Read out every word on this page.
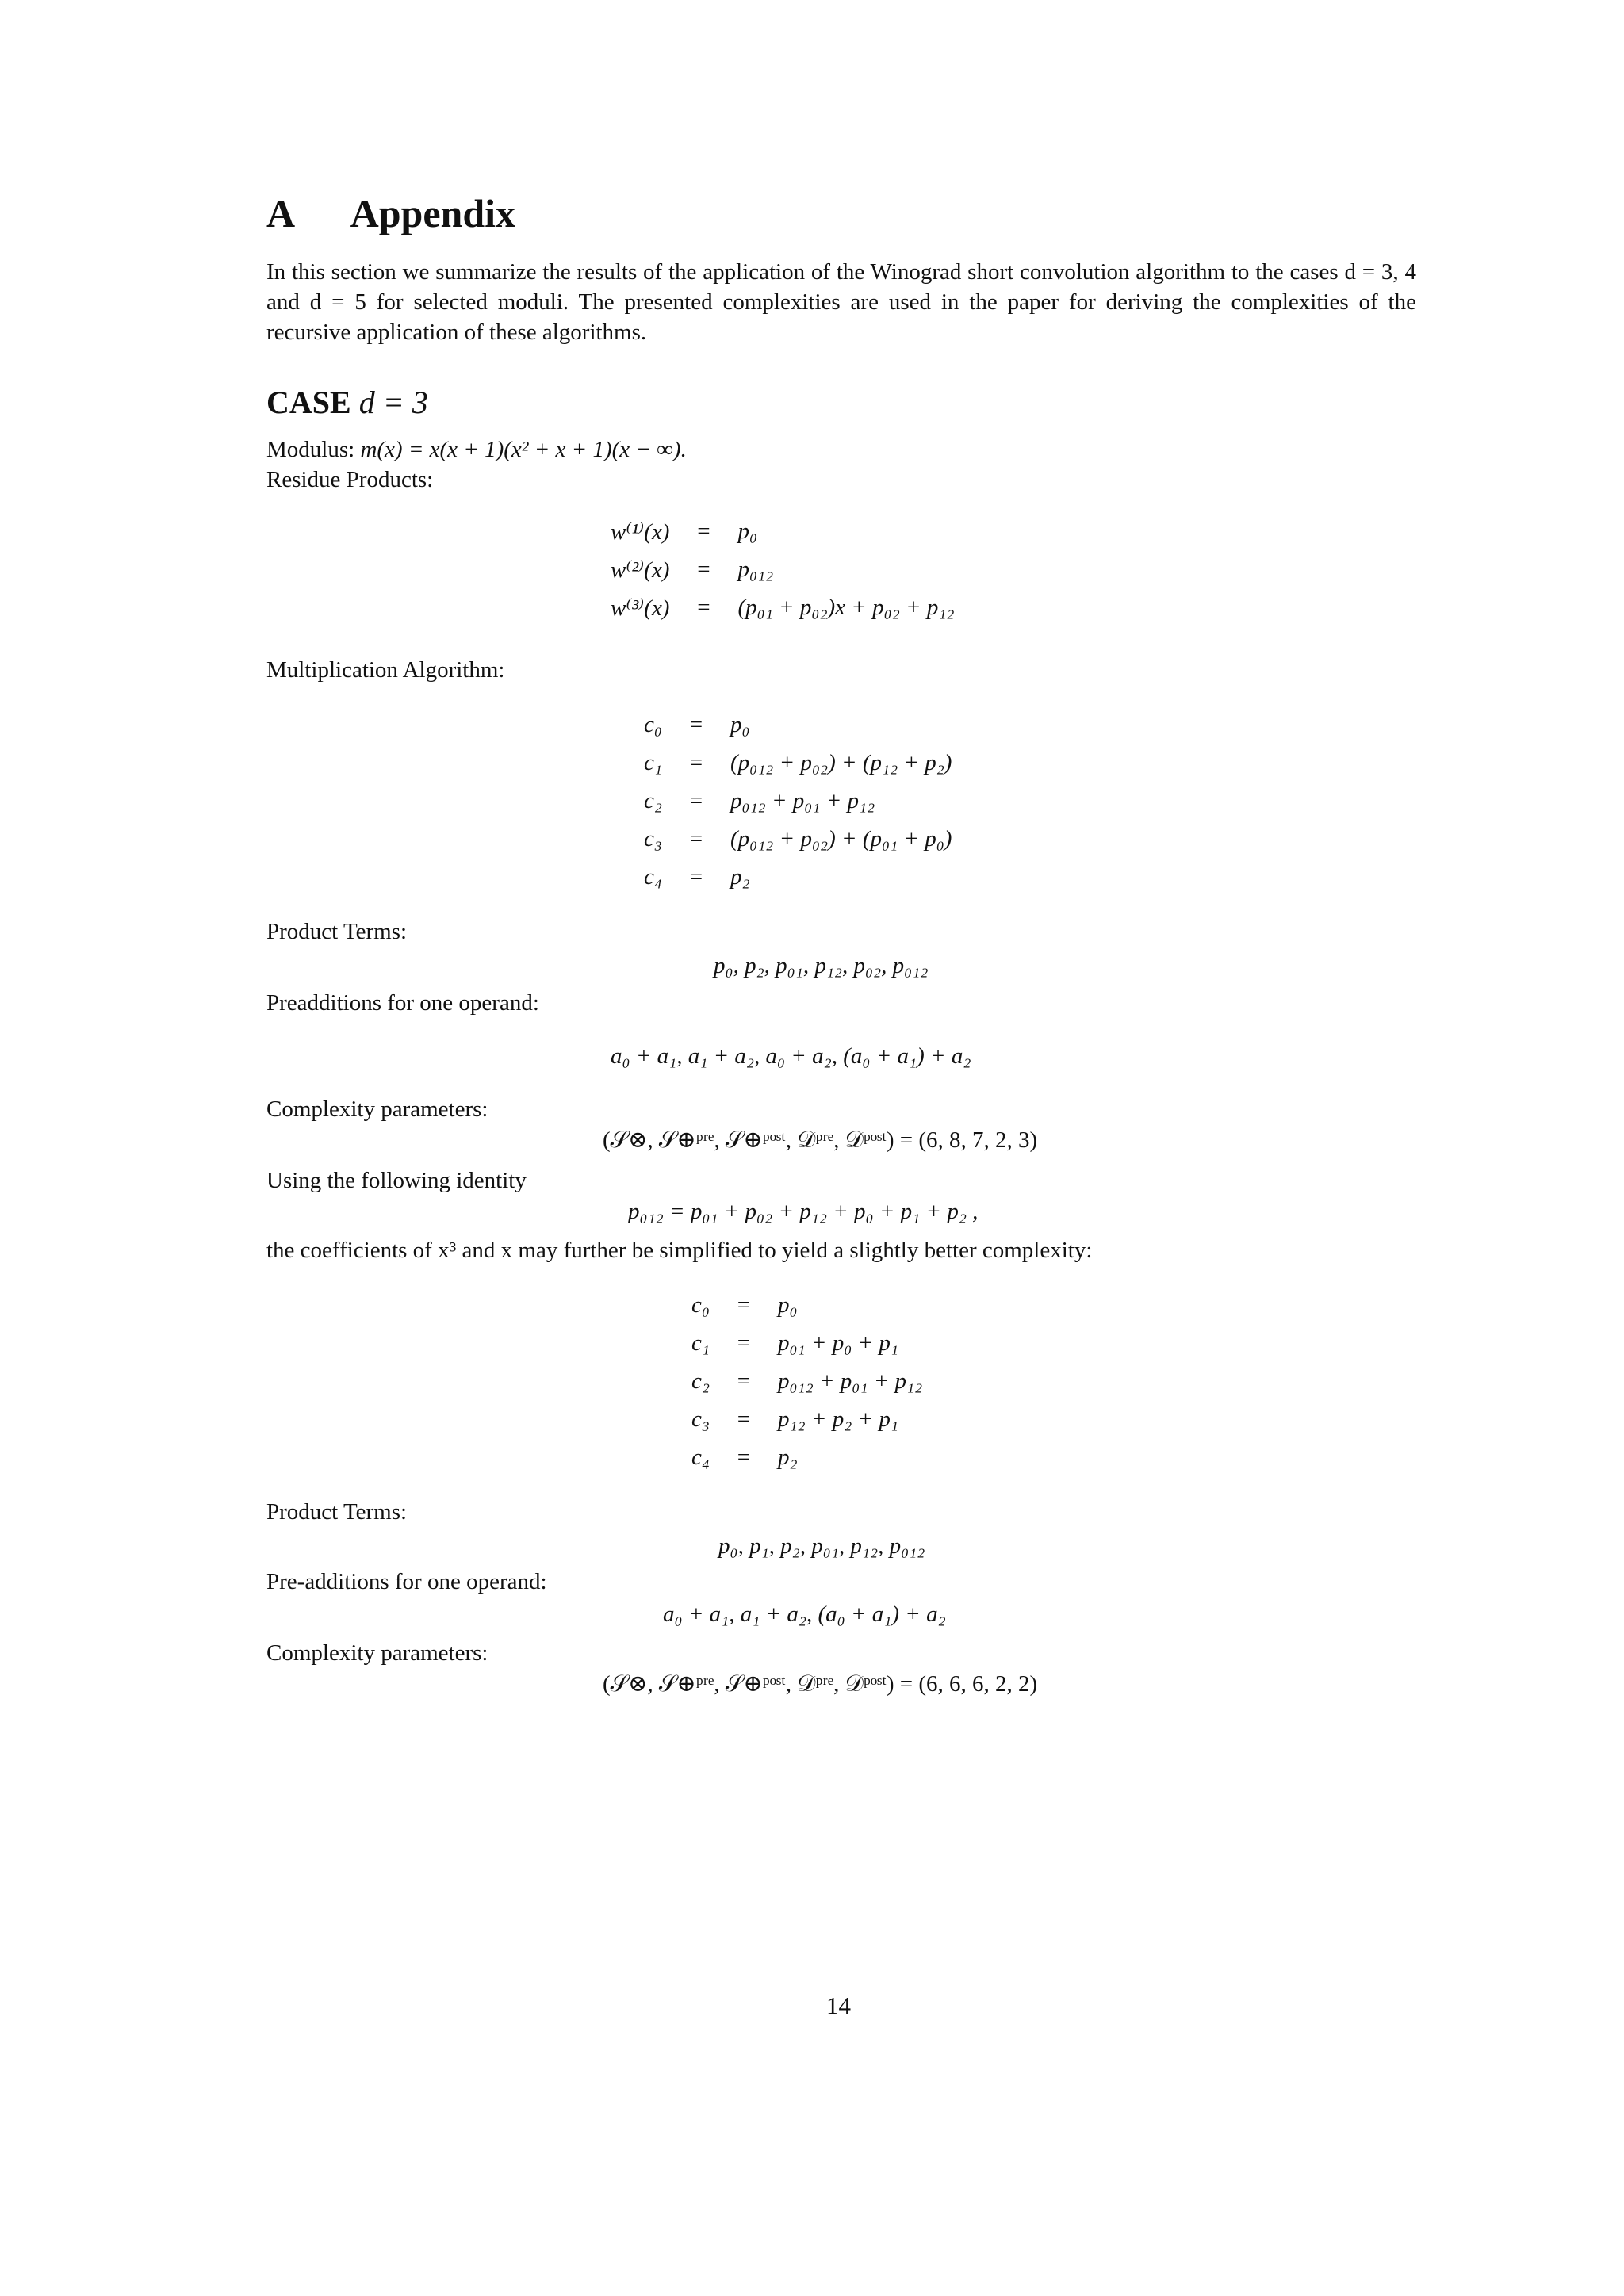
A Appendix
In this section we summarize the results of the application of the Winograd short convolution algorithm to the cases d = 3, 4 and d = 5 for selected moduli. The presented complexities are used in the paper for deriving the complexities of the recursive application of these algorithms.
CASE d = 3
Modulus: m(x) = x(x + 1)(x² + x + 1)(x − ∞).
Residue Products:
w⁽¹⁾(x)	=	p₀
w⁽²⁾(x)	=	p₀₁₂
w⁽³⁾(x)	=	(p₀₁ + p₀₂)x + p₀₂ + p₁₂
Multiplication Algorithm:
c₀	=	p₀
c₁	=	(p₀₁₂ + p₀₂) + (p₁₂ + p₂)
c₂	=	p₀₁₂ + p₀₁ + p₁₂
c₃	=	(p₀₁₂ + p₀₂) + (p₀₁ + p₀)
c₄	=	p₂
Product Terms:
p₀, p₂, p₀₁, p₁₂, p₀₂, p₀₁₂
Preadditions for one operand:
a₀ + a₁, a₁ + a₂, a₀ + a₂, (a₀ + a₁) + a₂
Complexity parameters:
(𝒮⊗, 𝒮⊕ᵖʳᵉ, 𝒮⊕ᵖᵒˢᵗ, 𝒟ᵖʳᵉ, 𝒟ᵖᵒˢᵗ) = (6, 8, 7, 2, 3)
Using the following identity
p₀₁₂ = p₀₁ + p₀₂ + p₁₂ + p₀ + p₁ + p₂ ,
the coefficients of x³ and x may further be simplified to yield a slightly better complexity:
c₀	=	p₀
c₁	=	p₀₁ + p₀ + p₁
c₂	=	p₀₁₂ + p₀₁ + p₁₂
c₃	=	p₁₂ + p₂ + p₁
c₄	=	p₂
Product Terms:
p₀, p₁, p₂, p₀₁, p₁₂, p₀₁₂
Pre-additions for one operand:
a₀ + a₁, a₁ + a₂, (a₀ + a₁) + a₂
Complexity parameters:
(𝒮⊗, 𝒮⊕ᵖʳᵉ, 𝒮⊕ᵖᵒˢᵗ, 𝒟ᵖʳᵉ, 𝒟ᵖᵒˢᵗ) = (6, 6, 6, 2, 2)
14
